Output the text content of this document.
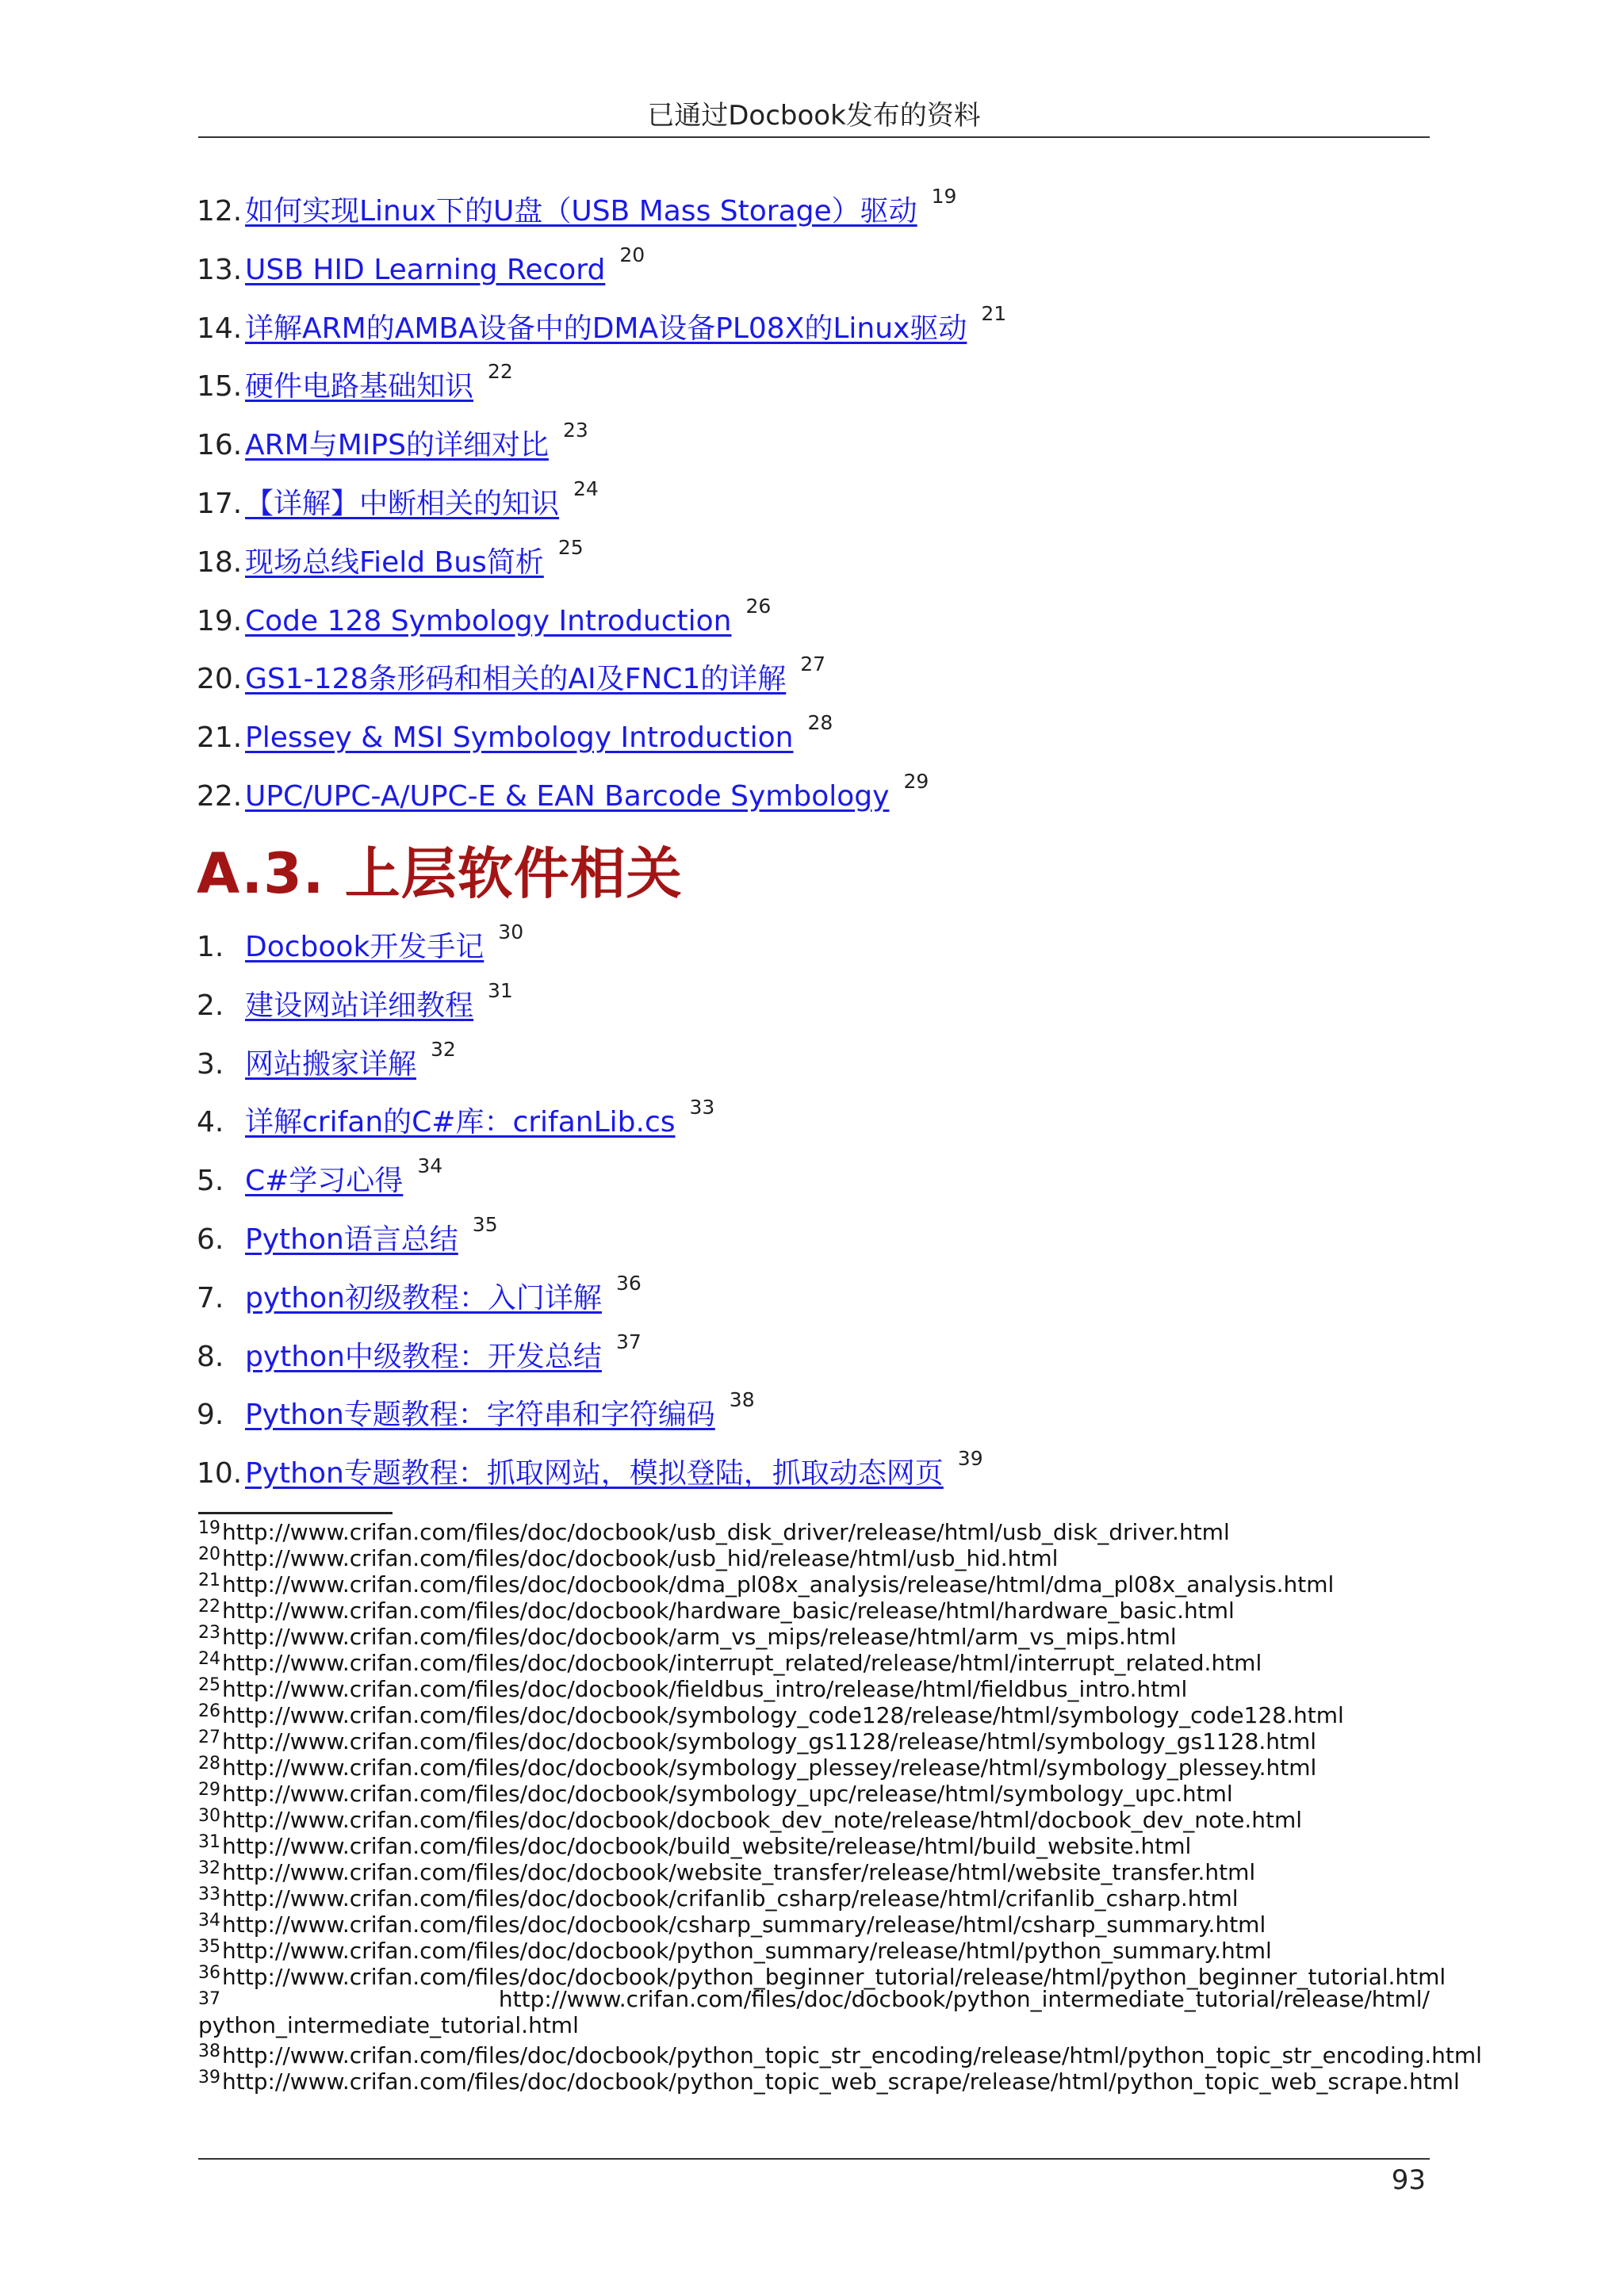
已通过Docbook发布的资料
12. 如何实现Linux下的U盘（USB Mass Storage）驱动 $^{19}$
13. USB HID Learning Record $^{20}$
14. 详解ARM的AMBA设备中的DMA设备PL08X的Linux驱动 $^{21}$
15. 硬件电路基础知识 $^{22}$
16. ARM与MIPS的详细对比 $^{23}$
17. 【详解】中断相关的知识 $^{24}$
18. 现场总线Field Bus简析 $^{25}$
19. Code 128 Symbology Introduction $^{26}$
20. GS1-128条形码和相关的AI及FNC1的详解 $^{27}$
21. Plessey & MSI Symbology Introduction $^{28}$
22. UPC/UPC-A/UPC-E & EAN Barcode Symbology $^{29}$
A.3. 上层软件相关
1. Docbook开发手记 $^{30}$
2. 建设网站详细教程 $^{31}$
3. 网站搬家详解 $^{32}$
4. 详解crifan的C#库：crifanLib.cs $^{33}$
5. C#学习心得 $^{34}$
6. Python语言总结 $^{35}$
7. python初级教程：入门详解 $^{36}$
8. python中级教程：开发总结 $^{37}$
9. Python专题教程：字符串和字符编码 $^{38}$
10. Python专题教程：抓取网站，模拟登陆，抓取动态网页 $^{39}$
19http://www.crifan.com/files/doc/docbook/usb_disk_driver/release/html/usb_disk_driver.html
20http://www.crifan.com/files/doc/docbook/usb_hid/release/html/usb_hid.html
21http://www.crifan.com/files/doc/docbook/dma_pl08x_analysis/release/html/dma_pl08x_analysis.html
22http://www.crifan.com/files/doc/docbook/hardware_basic/release/html/hardware_basic.html
23http://www.crifan.com/files/doc/docbook/arm_vs_mips/release/html/arm_vs_mips.html
24http://www.crifan.com/files/doc/docbook/interrupt_related/release/html/interrupt_related.html
25http://www.crifan.com/files/doc/docbook/fieldbus_intro/release/html/fieldbus_intro.html
26http://www.crifan.com/files/doc/docbook/symbology_code128/release/html/symbology_code128.html
27http://www.crifan.com/files/doc/docbook/symbology_gs1128/release/html/symbology_gs1128.html
28http://www.crifan.com/files/doc/docbook/symbology_plessey/release/html/symbology_plessey.html
29http://www.crifan.com/files/doc/docbook/symbology_upc/release/html/symbology_upc.html
30http://www.crifan.com/files/doc/docbook/docbook_dev_note/release/html/docbook_dev_note.html
31http://www.crifan.com/files/doc/docbook/build_website/release/html/build_website.html
32http://www.crifan.com/files/doc/docbook/website_transfer/release/html/website_transfer.html
33http://www.crifan.com/files/doc/docbook/crifanlib_csharp/release/html/crifanlib_csharp.html
34http://www.crifan.com/files/doc/docbook/csharp_summary/release/html/csharp_summary.html
35http://www.crifan.com/files/doc/docbook/python_summary/release/html/python_summary.html
36http://www.crifan.com/files/doc/docbook/python_beginner_tutorial/release/html/python_beginner_tutorial.html
37	http://www.crifan.com/files/doc/docbook/python_intermediate_tutorial/release/html/
python_intermediate_tutorial.html
38http://www.crifan.com/files/doc/docbook/python_topic_str_encoding/release/html/python_topic_str_encoding.html
39http://www.crifan.com/files/doc/docbook/python_topic_web_scrape/release/html/python_topic_web_scrape.html
93
